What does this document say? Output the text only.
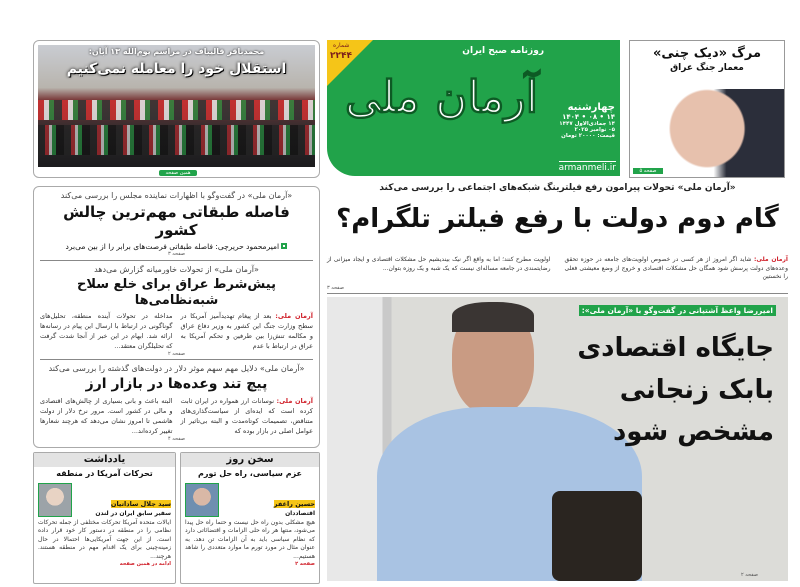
محمدباقر قالیباف در مراسم یوم‌الله ۱۳ آبان:
استقلال خود را معامله نمی‌کنیم
همین صفحه
«آرمان ملی» در گفت‌وگو با اظهارات نماینده مجلس را بررسی می‌کند
فاصله طبقاتی مهم‌ترین چالش کشور
امیرمحمود حریرچی: فاصله طبقاتی فرصت‌های برابر را از بین می‌برد
صفحه ۳
«آرمان ملی» از تحولات خاورمیانه گزارش می‌دهد
پیش‌شرط عراق برای خلع سلاح شبه‌نظامی‌ها
آرمان ملی: بعد از پیغام تهدیدآمیز آمریکا در سطح وزارت جنگ این کشور به وزیر دفاع عراق و مکالمه تنش‌زا بین طرفین و تحکم آمریکا به عراق در ارتباط با عدم
مداخله در تحولات آینده منطقه، تحلیل‌های گوناگونی در ارتباط با ارسال این پیام در رسانه‌ها ارائه شد. ابهام در این خبر از آنجا شدت گرفت که تحلیلگران معتقد...
صفحه ۲
«آرمان ملی» دلایل مهم سهم موثر دلار در دولت‌های گذشته را بررسی می‌کند
پیچ تند وعده‌ها در بازار ارز
آرمان ملی: نوسانات ارز همواره در ایران ثابت کرده است که ایده‌ای از سیاست‌گذاری‌های متناقض، تصمیمات کوتاه‌مدت و البته بی‌تاثیر از عوامل اصلی در بازار بوده که
البته باعث و بانی بسیاری از چالش‌های اقتصادی و مالی در کشور است. مرور نرخ دلار از دولت هاشمی تا امروز نشان می‌دهد که هرچند شعارها تغییر کرده‌اند...
صفحه ۴
یادداشت
تحرکات آمریکا در منطقه
سید جلال ساداتیان
سفیر سابق ایران در لندن
ایالات متحده آمریکا تحرکات مختلفی از جمله تحرکات نظامی را در منطقه در دستور کار خود قرار داده است. از این جهت آمریکایی‌ها احتمالا در حال زمینه‌چینی برای یک اقدام مهم در منطقه هستند. هرچند...
ادامه در همین صفحه
سخن روز
عزم سیاسی، راه حل تورم
حسین راغفر
اقتصاددان
هیچ مشکلی بدون راه حل نیست و حتما راه حل پیدا می‌شود، منتها هر راه حلی الزامات و اقتضائاتی دارد که نظام سیاسی باید به آن الزامات تن دهد. به عنوان مثال در مورد تورم ما موارد متعددی را شاهد هستیم...
صفحه ۲
شماره
۲۲۴۴	روزنامه صبح ایران
آرمان ملی	چهارشنبه
۱۴ • ۰۸ • ۱۴۰۴
۱۴ جمادی‌الاول ۱۴۴۷
۰۵ نوامبر ۲۰۲۵
قیمت: ۲۰۰۰۰ تومان
armanmeli.ir
مرگ «دیک چنی»
معمار جنگ عراق
صفحه ۵
«آرمان ملی» تحولات پیرامون رفع فیلترینگ شبکه‌های اجتماعی را بررسی می‌کند
گام دوم دولت با رفع فیلتر تلگرام؟
آرمان ملی: شاید اگر امروز از هر کسی در خصوص اولویت‌های جامعه در حوزه تحقق وعده‌های دولت پرسش شود همگان حل مشکلات اقتصادی و خروج از وضع معیشتی فعلی را نخستین
اولویت مطرح کنند؛ اما به واقع اگر نیک بیندیشیم حل مشکلات اقتصادی و ایجاد میزانی از رضایتمندی در جامعه مساله‌ای نیست که یک شبه و یک روزه بتوان...
صفحه ۳
امیررضا واعظ آشتیانی در گفت‌وگو با «آرمان ملی»:
جایگاه اقتصادی
بابک زنجانی
مشخص شود
صفحه ۲
